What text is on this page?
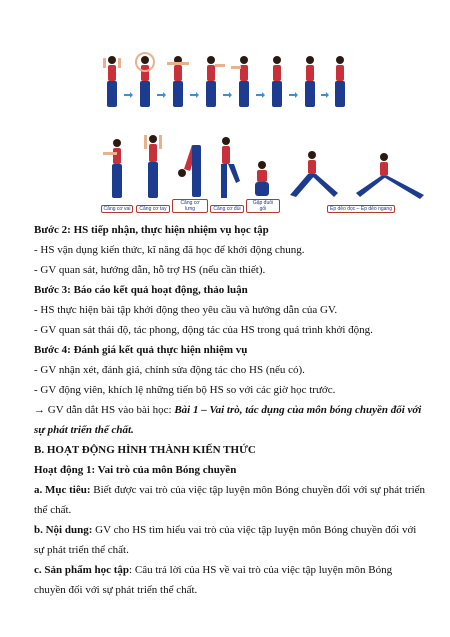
Căng cơ vai	Căng cơ tay
Căng cơ lưng	Căng cơ đùi
Gập đuỗi gối	Ép dẻo dọc – Ép dẻo ngang
Bước 2: HS tiếp nhận, thực hiện nhiệm vụ học tập
- HS vận dụng kiến thức, kĩ năng đã học để khởi động chung.
- GV quan sát, hướng dẫn, hỗ trợ HS (nếu cần thiết).
Bước 3: Báo cáo kết quả hoạt động, thảo luận
- HS thực hiện bài tập khởi động theo yêu cầu và hướng dẫn của GV.
- GV quan sát thái độ, tác phong, động tác của HS trong quá trình khởi động.
Bước 4: Đánh giá kết quả thực hiện nhiệm vụ
- GV nhận xét, đánh giá, chỉnh sửa động tác cho HS (nếu có).
- GV động viên, khích lệ những tiến bộ HS so với các giờ học trước.
→ GV dẫn dắt HS vào bài học: Bài 1 – Vai trò, tác dụng của môn bóng chuyền đối với sự phát triển thể chất.
B. HOẠT ĐỘNG HÌNH THÀNH KIẾN THỨC
Hoạt động 1: Vai trò của môn Bóng chuyền
a. Mục tiêu: Biết được vai trò của việc tập luyện môn Bóng chuyền đối với sự phát triển thể chất.
b. Nội dung: GV cho HS tìm hiểu vai trò của việc tập luyện môn Bóng chuyền đối với sự phát triển thể chất.
c. Sản phẩm học tập: Câu trả lời của HS về vai trò của việc tập luyện môn Bóng chuyền đối với sự phát triển thể chất.
